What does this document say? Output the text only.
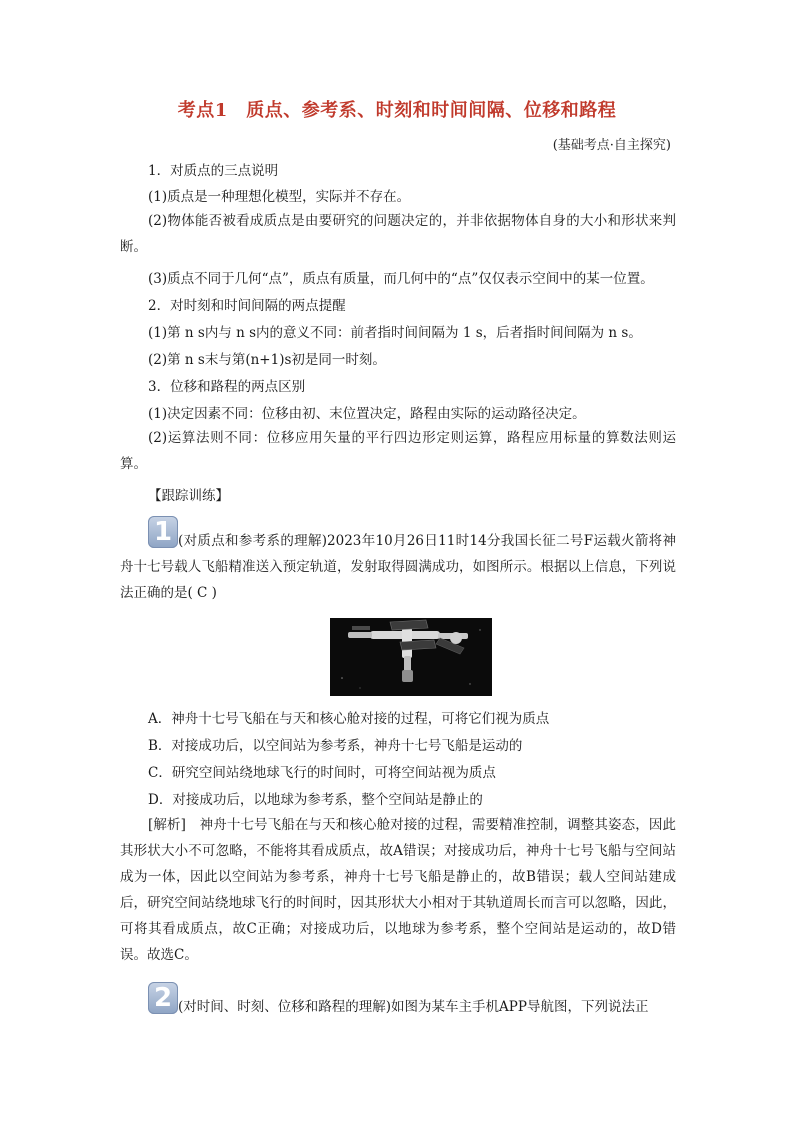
考点1　质点、参考系、时刻和时间间隔、位移和路程
(基础考点·自主探究)
1．对质点的三点说明
(1)质点是一种理想化模型，实际并不存在。
(2)物体能否被看成质点是由要研究的问题决定的，并非依据物体自身的大小和形状来判断。
(3)质点不同于几何“点”，质点有质量，而几何中的“点”仅仅表示空间中的某一位置。
2．对时刻和时间间隔的两点提醒
(1)第 n s内与 n s内的意义不同：前者指时间间隔为 1 s，后者指时间间隔为 n s。
(2)第 n s末与第(n+1)s初是同一时刻。
3．位移和路程的两点区别
(1)决定因素不同：位移由初、末位置决定，路程由实际的运动路径决定。
(2)运算法则不同：位移应用矢量的平行四边形定则运算，路程应用标量的算数法则运算。
【跟踪训练】
1 (对质点和参考系的理解)2023年10月26日11时14分我国长征二号F运载火箭将神舟十七号载人飞船精准送入预定轨道，发射取得圆满成功，如图所示。根据以上信息，下列说法正确的是( C )
A．神舟十七号飞船在与天和核心舱对接的过程，可将它们视为质点
B．对接成功后，以空间站为参考系，神舟十七号飞船是运动的
C．研究空间站绕地球飞行的时间时，可将空间站视为质点
D．对接成功后，以地球为参考系，整个空间站是静止的
[解析]　神舟十七号飞船在与天和核心舱对接的过程，需要精准控制，调整其姿态，因此其形状大小不可忽略，不能将其看成质点，故A错误；对接成功后，神舟十七号飞船与空间站成为一体，因此以空间站为参考系，神舟十七号飞船是静止的，故B错误；载人空间站建成后，研究空间站绕地球飞行的时间时，因其形状大小相对于其轨道周长而言可以忽略，因此，可将其看成质点，故C正确；对接成功后，以地球为参考系，整个空间站是运动的，故D错误。故选C。
2 (对时间、时刻、位移和路程的理解)如图为某车主手机APP导航图，下列说法正
